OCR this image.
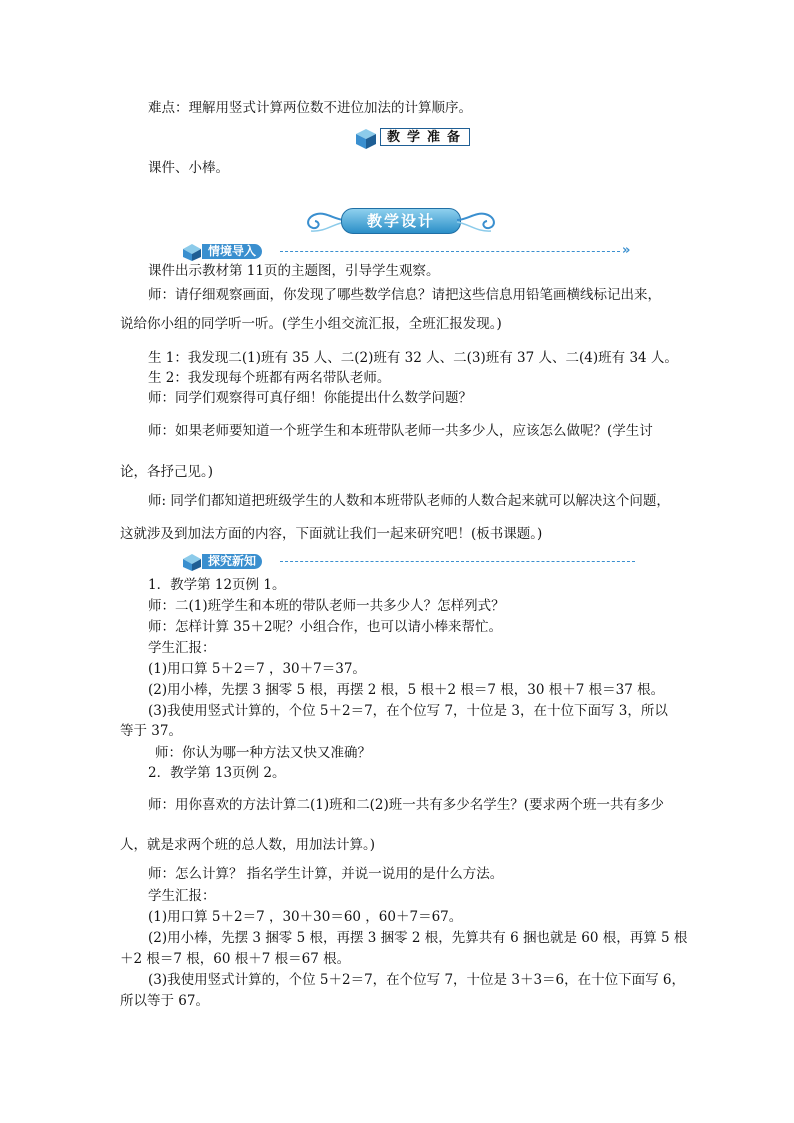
难点：理解用竖式计算两位数不进位加法的计算顺序。
教学准备
课件、小棒。
教学设计
情境导入	»
课件出示教材第 11页的主题图，引导学生观察。
师：请仔细观察画面，你发现了哪些数学信息？请把这些信息用铅笔画横线标记出来，
说给你小组的同学听一听。(学生小组交流汇报，全班汇报发现。)
生 1：我发现二(1)班有 35 人、二(2)班有 32 人、二(3)班有 37 人、二(4)班有 34 人。
生 2：我发现每个班都有两名带队老师。
师：同学们观察得可真仔细！你能提出什么数学问题？
师：如果老师要知道一个班学生和本班带队老师一共多少人，应该怎么做呢？(学生讨
论，各抒己见。)
师: 同学们都知道把班级学生的人数和本班带队老师的人数合起来就可以解决这个问题，
这就涉及到加法方面的内容，下面就让我们一起来研究吧！(板书课题。)
探究新知
1．教学第 12页例 1。
师：二(1)班学生和本班的带队老师一共多少人？怎样列式？
师：怎样计算 35＋2呢？小组合作，也可以请小棒来帮忙。
学生汇报：
(1)用口算 5＋2＝7 ，30＋7＝37。
(2)用小棒，先摆 3 捆零 5 根，再摆 2 根，5 根＋2 根＝7 根，30 根＋7 根＝37 根。
(3)我使用竖式计算的，个位 5＋2＝7，在个位写 7，十位是 3，在十位下面写 3，所以
等于 37。
师：你认为哪一种方法又快又准确？
2．教学第 13页例 2。
师：用你喜欢的方法计算二(1)班和二(2)班一共有多少名学生？(要求两个班一共有多少
人，就是求两个班的总人数，用加法计算。)
师：怎么计算？ 指名学生计算，并说一说用的是什么方法。
学生汇报：
(1)用口算 5＋2＝7 ，30＋30＝60 ，60＋7＝67。
(2)用小棒，先摆 3 捆零 5 根，再摆 3 捆零 2 根，先算共有 6 捆也就是 60 根，再算 5 根
＋2 根＝7 根，60 根＋7 根＝67 根。
(3)我使用竖式计算的，个位 5＋2＝7，在个位写 7，十位是 3＋3＝6，在十位下面写 6，
所以等于 67。
